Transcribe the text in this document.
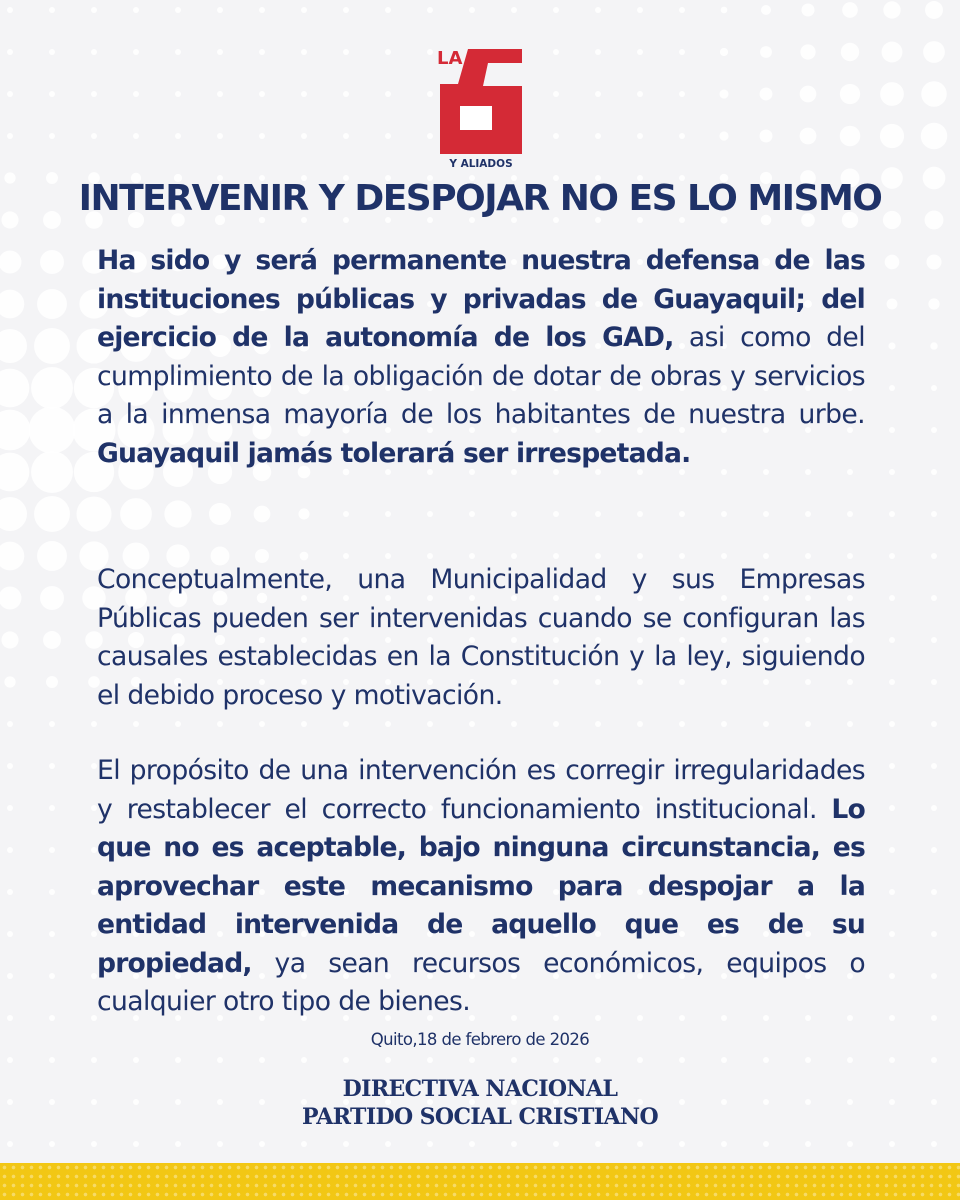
LA
Y ALIADOS
INTERVENIR Y DESPOJAR NO ES LO MISMO

Ha sido y será permanente nuestra defensa de las instituciones públicas y privadas de Guayaquil; del ejercicio de la autonomía de los GAD, asi como del cumplimiento de la obligación de dotar de obras y servicios a la inmensa mayoría de los habitantes de nuestra urbe. Guayaquil jamás tolerará ser irrespetada.

Conceptualmente, una Municipalidad y sus Empresas Públicas pueden ser intervenidas cuando se configuran las causales establecidas en la Constitución y la ley, siguiendo el debido proceso y motivación.

El propósito de una intervención es corregir irregularidades y restablecer el correcto funcionamiento institucional. Lo que no es aceptable, bajo ninguna circunstancia, es aprovechar este mecanismo para despojar a la entidad intervenida de aquello que es de su propiedad, ya sean recursos económicos, equipos o cualquier otro tipo de bienes.

Quito,18 de febrero de 2026
DIRECTIVA NACIONAL
PARTIDO SOCIAL CRISTIANO
